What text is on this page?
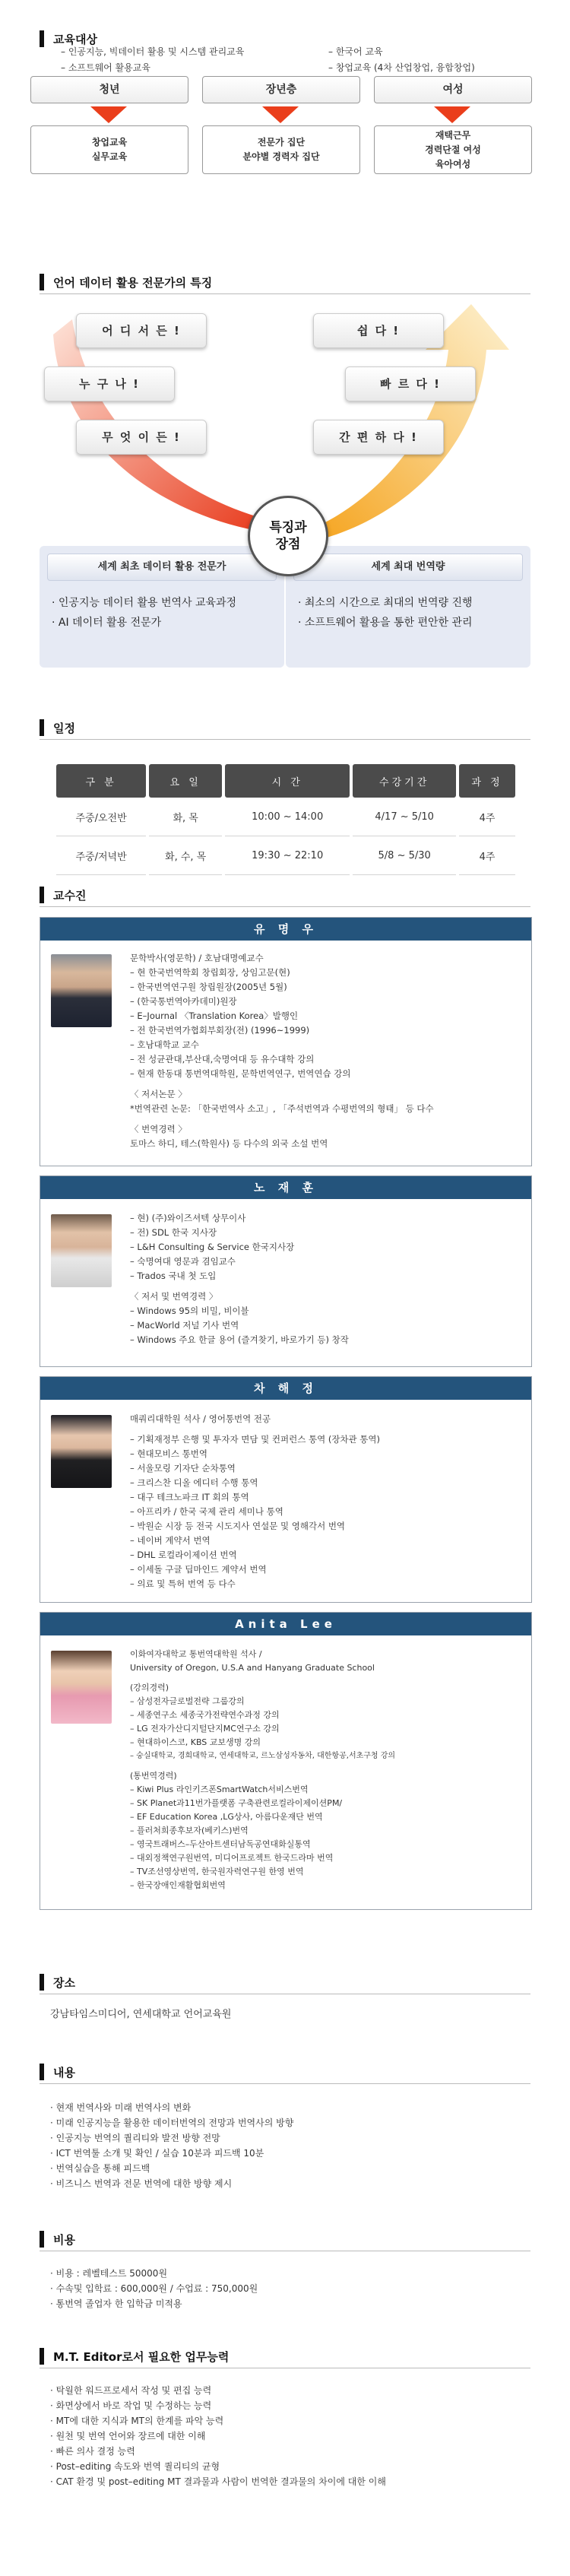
교육대상
– 인공지능, 빅데이터 활용 및 시스템 관리교육
– 소프트웨어 활용교육
– 한국어 교육
– 창업교육 (4차 산업창업, 융합창업)
청년	장년층	여성
창업교육
실무교육
전문가 집단
분야별 경력자 집단
재택근무
경력단절 여성
육아여성
언어 데이터 활용 전문가의 특징
어 디 서 든 !
누 구 나 !
무 엇 이 든 !
쉽 다 !
빠 르 다 !
간 편 하 다 !
세계 최초 데이터 활용 전문가
· 인공지능 데이터 활용 번역사 교육과정
· AI 데이터 활용 전문가
세계 최대 번역량
· 최소의 시간으로 최대의 번역량 진행
· 소프트웨어 활용을 통한 편안한 관리
특징과
장점
일정
구 분	요 일	시 간	수강기간	과 정
주중/오전반	화, 목	10:00 ~ 14:00	4/17 ~ 5/10	4주
주중/저녁반	화, 수, 목	19:30 ~ 22:10	5/8 ~ 5/30	4주
교수진
유 명 우
문학박사(영문학) / 호남대명예교수
– 현 한국번역학회 창립회장, 상임고문(현)
– 한국번역연구원 창립원장(2005년 5월)
– (한국통번역아카데미)원장
– E–Journal 〈Translation Korea〉발행인
– 전 한국번역가협회부회장(전) (1996~1999)
– 호남대학교 교수
– 전 성균관대,부산대,숙명여대 등 유수대학 강의
– 현재 한동대 통번역대학원, 문학번역연구, 번역연습 강의
〈 저서논문 〉
*번역관련 논문: 「한국번역사 소고」, 「주석번역과 수평번역의 형태」 등 다수
〈 번역경력 〉
토마스 하디, 테스(학원사) 등 다수의 외국 소설 번역
노 재 훈
– 현) (주)와이즈셔텍 상무이사
– 전) SDL 한국 지사장
– L&H Consulting & Service 한국지사장
– 숙명여대 영문과 겸임교수
– Trados 국내 첫 도입
〈 저서 및 번역경력 〉
– Windows 95의 비밀, 비이블
– MacWorld 저널 기사 번역
– Windows 주요 한글 용어 (즐겨찾기, 바로가기 등) 창작
차 해 정
매쿼리대학원 석사 / 영어통번역 전공
– 기획재정부 은행 및 투자자 면담 및 컨퍼런스 통역 (장차관 통역)
– 현대모비스 통번역
– 서울모링 기자단 순차통역
– 크리스찬 디올 에디터 수행 통역
– 대구 테크노파크 IT 회의 통역
– 아프리카 / 한국 국제 관리 세미나 통역
– 박원순 시장 등 전국 시도지사 연설문 및 영해각서 번역
– 네이버 계약서 번역
– DHL 로컬라이제이션 번역
– 이세돌 구글 딥마인드 계약서 번역
– 의료 및 특허 번역 등 다수
Anita Lee
이화여자대학교 통번역대학원 석사 /
University of Oregon, U.S.A and Hanyang Graduate School
(강의경력)
– 삼성전자글로벌전략 그룹강의
– 세종연구소 세종국가전략연수과정 강의
– LG 전자가산디지털단지MC연구소 강의
– 현대하이스코, KBS 교보생명 강의
– 숭실대학교, 경희대학교, 연세대학교, 르노삼성자동차, 대한항공,서초구청 강의
(통번역경력)
– Kiwi Plus 라인키즈폰SmartWatch서비스번역
– SK Planet과11번가플랫폼 구축관련로컬라이제이션PM/
– EF Education Korea ,LG상사, 아름다운재단 번역
– 플러처희종후보자(베키스)번역
– 영국트래버스–두산아트센터남독공연대화실통역
– 대외정책연구원번역, 미디어프로젝트 한국드라마 번역
– TV조선영상번역, 한국원자력연구원 한영 번역
– 한국장애인재활협회번역
장소
강남타임스미디어, 연세대학교 언어교육원
내용
· 현재 번역사와 미래 번역사의 변화
· 미래 인공지능을 활용한 데이터번역의 전망과 번역사의 방향
· 인공지능 번역의 퀄리티와 발전 방향 전망
· ICT 번역툴 소개 및 확인 / 실습 10분과 피드백 10분
· 번역실습을 통해 피드백
· 비즈니스 번역과 전문 번역에 대한 방향 제시
비용
· 비용 : 레벨테스트 50000원
· 수속및 입학료 : 600,000원 / 수업료 : 750,000원
· 통번역 졸업자 한 입학금 미적용
M.T. Editor로서 필요한 업무능력
· 탁월한 워드프로세서 작성 및 편집 능력
· 화면상에서 바로 작업 및 수정하는 능력
· MT에 대한 지식과 MT의 한계를 파악 능력
· 원천 및 번역 언어와 장르에 대한 이해
· 빠른 의사 결정 능력
· Post–editing 속도와 번역 퀄리티의 균형
· CAT 환경 및 post–editing MT 결과물과 사람이 번역한 결과물의 차이에 대한 이해
